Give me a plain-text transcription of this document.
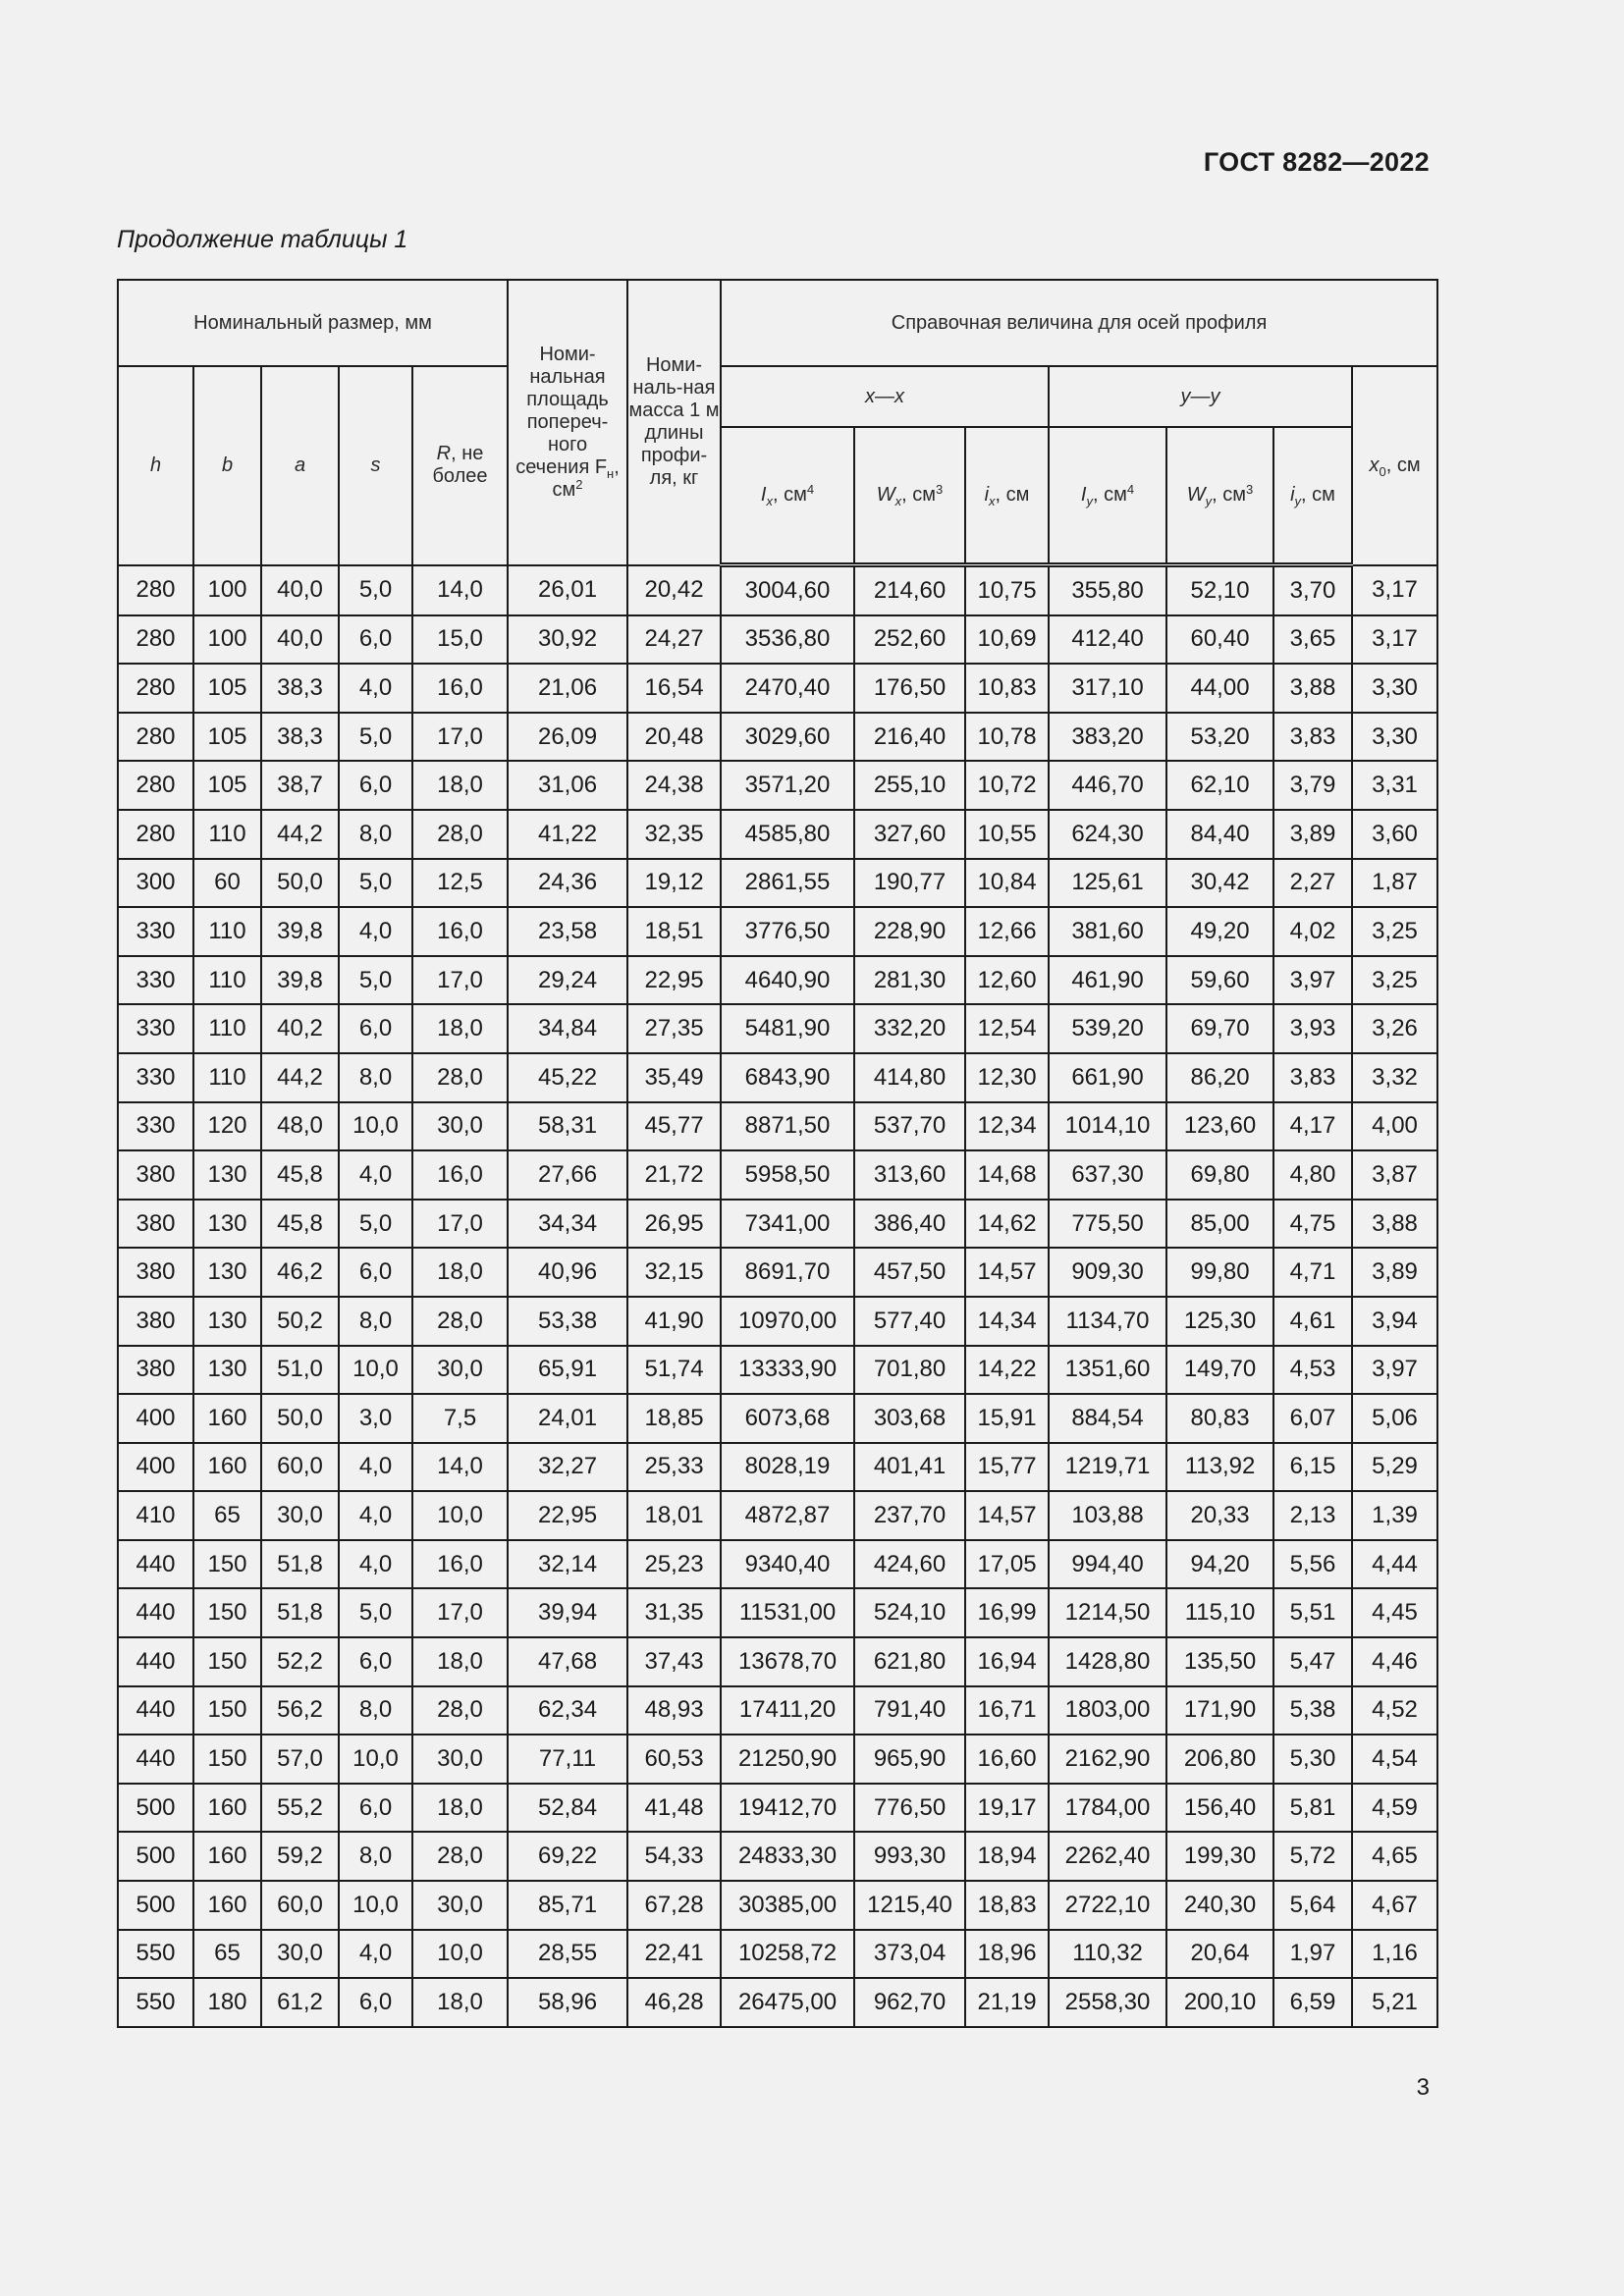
ГОСТ 8282—2022
Продолжение таблицы 1
Номинальный размер, мм					Номи-нальная площадь попереч-ного сечения $F_н$, $см^2$	Номи-наль-ная масса 1 м длины профи-ля, кг	Справочная величина для осей профиля						
h	b	a	s	R, не более			x—x			y—y			$x_0$, см
							$I_x$, $см^4$	$W_x$, $см^3$	$i_x$, см	$I_y$, $см^4$	$W_y$, $см^3$	$i_y$, см	
280	100	40,0	5,0	14,0	26,01	20,42	3004,60	214,60	10,75	355,80	52,10	3,70	3,17
280	100	40,0	6,0	15,0	30,92	24,27	3536,80	252,60	10,69	412,40	60,40	3,65	3,17
280	105	38,3	4,0	16,0	21,06	16,54	2470,40	176,50	10,83	317,10	44,00	3,88	3,30
280	105	38,3	5,0	17,0	26,09	20,48	3029,60	216,40	10,78	383,20	53,20	3,83	3,30
280	105	38,7	6,0	18,0	31,06	24,38	3571,20	255,10	10,72	446,70	62,10	3,79	3,31
280	110	44,2	8,0	28,0	41,22	32,35	4585,80	327,60	10,55	624,30	84,40	3,89	3,60
300	60	50,0	5,0	12,5	24,36	19,12	2861,55	190,77	10,84	125,61	30,42	2,27	1,87
330	110	39,8	4,0	16,0	23,58	18,51	3776,50	228,90	12,66	381,60	49,20	4,02	3,25
330	110	39,8	5,0	17,0	29,24	22,95	4640,90	281,30	12,60	461,90	59,60	3,97	3,25
330	110	40,2	6,0	18,0	34,84	27,35	5481,90	332,20	12,54	539,20	69,70	3,93	3,26
330	110	44,2	8,0	28,0	45,22	35,49	6843,90	414,80	12,30	661,90	86,20	3,83	3,32
330	120	48,0	10,0	30,0	58,31	45,77	8871,50	537,70	12,34	1014,10	123,60	4,17	4,00
380	130	45,8	4,0	16,0	27,66	21,72	5958,50	313,60	14,68	637,30	69,80	4,80	3,87
380	130	45,8	5,0	17,0	34,34	26,95	7341,00	386,40	14,62	775,50	85,00	4,75	3,88
380	130	46,2	6,0	18,0	40,96	32,15	8691,70	457,50	14,57	909,30	99,80	4,71	3,89
380	130	50,2	8,0	28,0	53,38	41,90	10970,00	577,40	14,34	1134,70	125,30	4,61	3,94
380	130	51,0	10,0	30,0	65,91	51,74	13333,90	701,80	14,22	1351,60	149,70	4,53	3,97
400	160	50,0	3,0	7,5	24,01	18,85	6073,68	303,68	15,91	884,54	80,83	6,07	5,06
400	160	60,0	4,0	14,0	32,27	25,33	8028,19	401,41	15,77	1219,71	113,92	6,15	5,29
410	65	30,0	4,0	10,0	22,95	18,01	4872,87	237,70	14,57	103,88	20,33	2,13	1,39
440	150	51,8	4,0	16,0	32,14	25,23	9340,40	424,60	17,05	994,40	94,20	5,56	4,44
440	150	51,8	5,0	17,0	39,94	31,35	11531,00	524,10	16,99	1214,50	115,10	5,51	4,45
440	150	52,2	6,0	18,0	47,68	37,43	13678,70	621,80	16,94	1428,80	135,50	5,47	4,46
440	150	56,2	8,0	28,0	62,34	48,93	17411,20	791,40	16,71	1803,00	171,90	5,38	4,52
440	150	57,0	10,0	30,0	77,11	60,53	21250,90	965,90	16,60	2162,90	206,80	5,30	4,54
500	160	55,2	6,0	18,0	52,84	41,48	19412,70	776,50	19,17	1784,00	156,40	5,81	4,59
500	160	59,2	8,0	28,0	69,22	54,33	24833,30	993,30	18,94	2262,40	199,30	5,72	4,65
500	160	60,0	10,0	30,0	85,71	67,28	30385,00	1215,40	18,83	2722,10	240,30	5,64	4,67
550	65	30,0	4,0	10,0	28,55	22,41	10258,72	373,04	18,96	110,32	20,64	1,97	1,16
550	180	61,2	6,0	18,0	58,96	46,28	26475,00	962,70	21,19	2558,30	200,10	6,59	5,21
3
